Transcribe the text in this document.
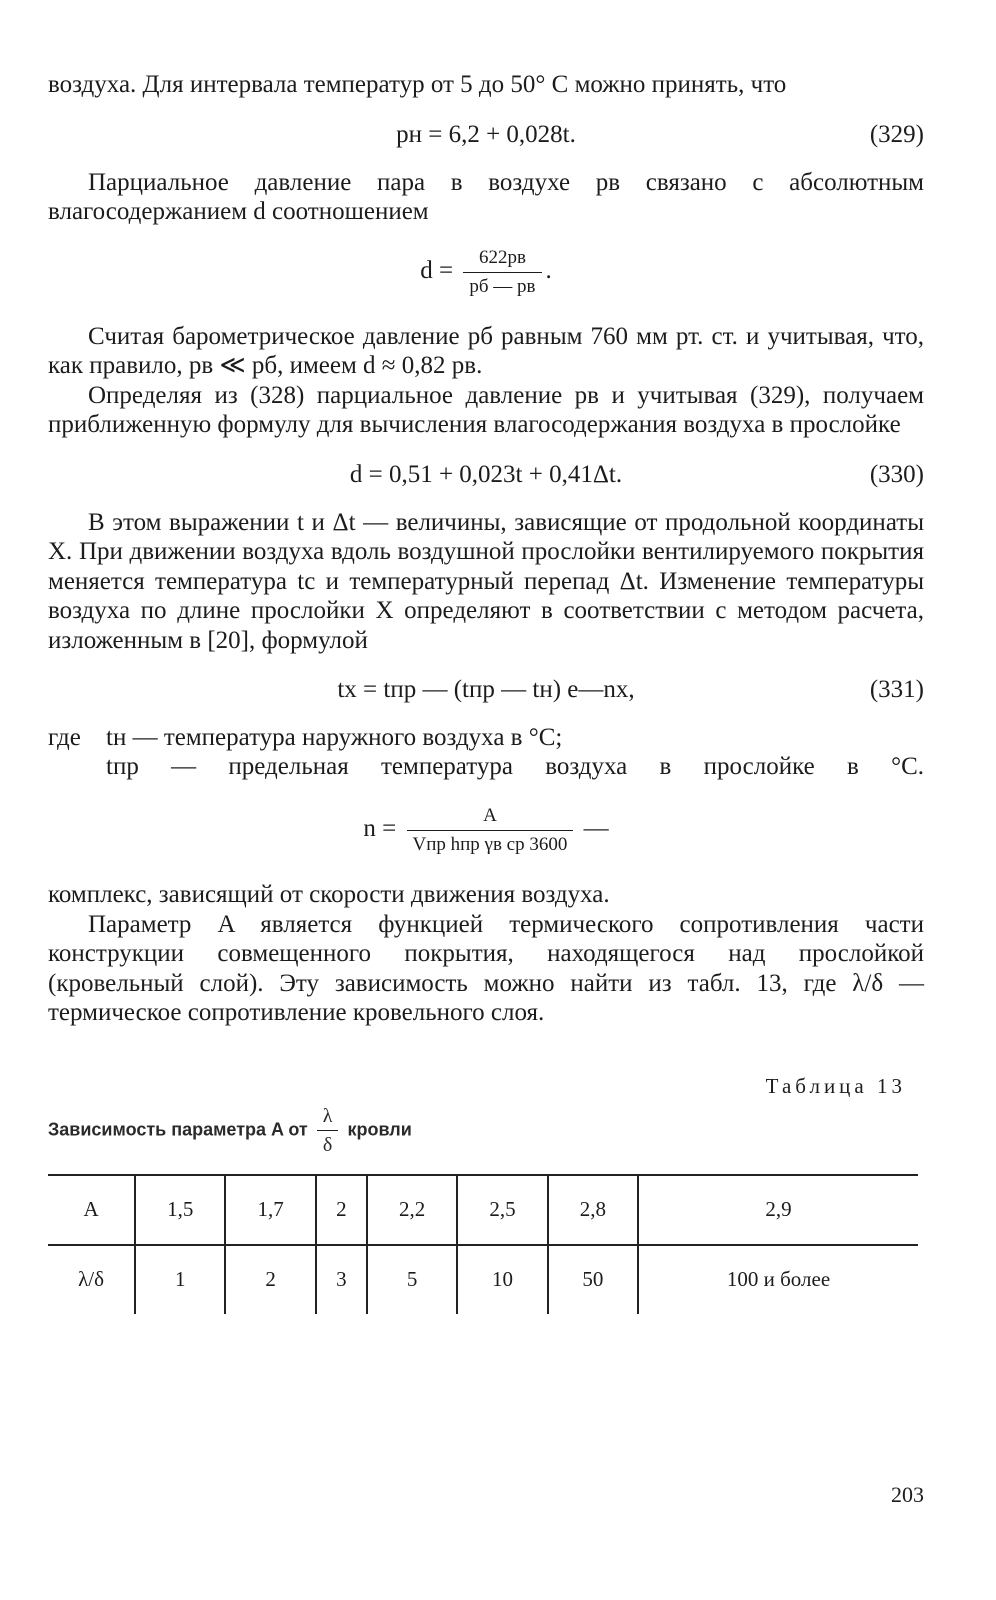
воздуха. Для интервала температур от 5 до 50° С можно принять, что

pн = 6,2 + 0,028t.	(329)

Парциальное давление пара в воздухе pв связано с абсолютным влагосодержанием d соотношением

$d = \frac{622pв}{pб — pв}$ .

Считая барометрическое давление pб равным 760 мм рт. ст. и учитывая, что, как правило, pв ≪ pб, имеем d ≈ 0,82 pв.

Определяя из (328) парциальное давление pв и учитывая (329), получаем приближенную формулу для вычисления влагосодержания воздуха в прослойке

d = 0,51 + 0,023t + 0,41Δt.	(330)

В этом выражении t и Δt — величины, зависящие от продольной координаты X. При движении воздуха вдоль воздушной прослойки вентилируемого покрытия меняется температура tс и температурный перепад Δt. Изменение температуры воздуха по длине прослойки X определяют в соответствии с методом расчета, изложенным в [20], формулой

tx = tпр — (tпр — tн) e—nx,	(331)
где tн — температура наружного воздуха в °С;
tпр — предельная температура воздуха в прослойке в °С.
$n = \frac{A}{\text{Vпр hпр γв cp 3600}}$ —

комплекс, зависящий от скорости движения воздуха.

Параметр A является функцией термического сопротивления части конструкции совмещенного покрытия, находящегося над прослойкой (кровельный слой). Эту зависимость можно найти из табл. 13, где λ/δ — термическое сопротивление кровельного слоя.

Таблица 13
Зависимость параметра A от $\frac{\lambda}{\delta}$ кровли
A	1,5	1,7	2	2,2	2,5	2,8	2,9
λ/δ	1	2	3	5	10	50	100 и более
203
